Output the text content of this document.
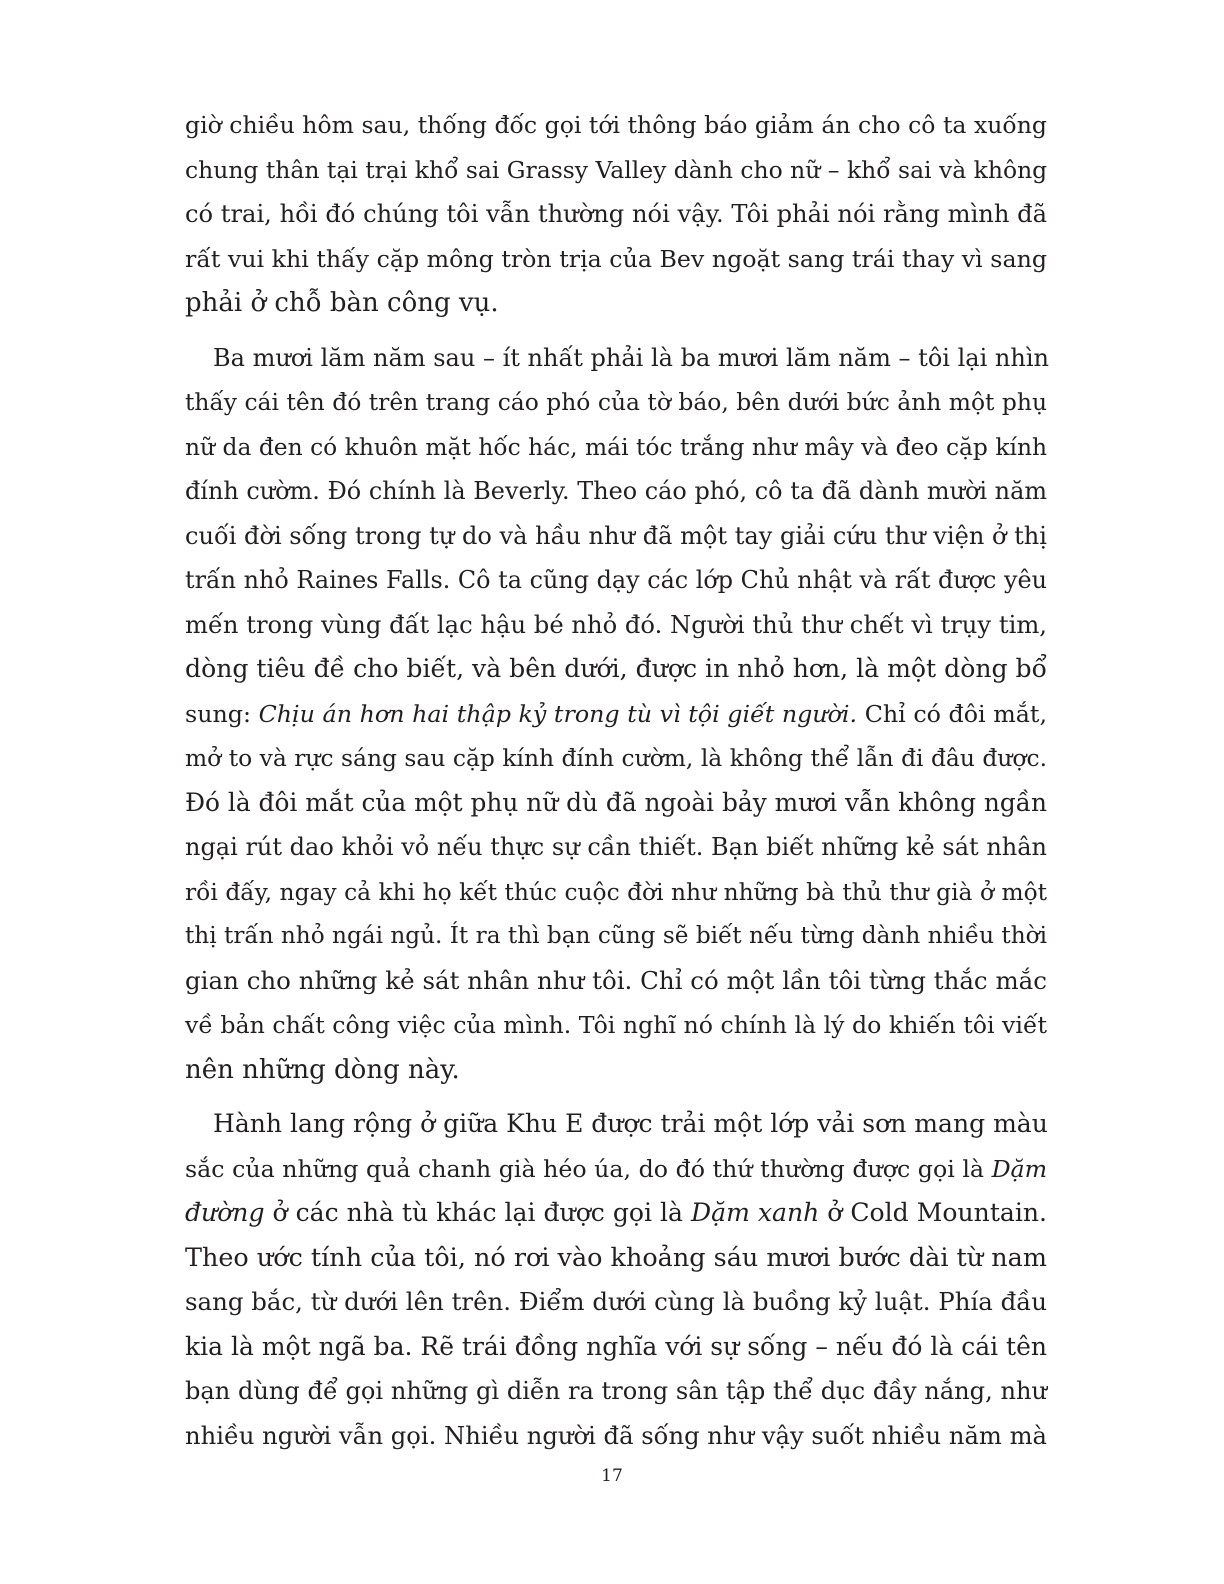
giờ chiều hôm sau, thống đốc gọi tới thông báo giảm án cho cô ta xuống
chung thân tại trại khổ sai Grassy Valley dành cho nữ – khổ sai và không
có trai, hồi đó chúng tôi vẫn thường nói vậy. Tôi phải nói rằng mình đã
rất vui khi thấy cặp mông tròn trịa của Bev ngoặt sang trái thay vì sang
phải ở chỗ bàn công vụ.
Ba mươi lăm năm sau – ít nhất phải là ba mươi lăm năm – tôi lại nhìn
thấy cái tên đó trên trang cáo phó của tờ báo, bên dưới bức ảnh một phụ
nữ da đen có khuôn mặt hốc hác, mái tóc trắng như mây và đeo cặp kính
đính cườm. Đó chính là Beverly. Theo cáo phó, cô ta đã dành mười năm
cuối đời sống trong tự do và hầu như đã một tay giải cứu thư viện ở thị
trấn nhỏ Raines Falls. Cô ta cũng dạy các lớp Chủ nhật và rất được yêu
mến trong vùng đất lạc hậu bé nhỏ đó. Người thủ thư chết vì trụy tim,
dòng tiêu đề cho biết, và bên dưới, được in nhỏ hơn, là một dòng bổ
sung: Chịu án hơn hai thập kỷ trong tù vì tội giết người. Chỉ có đôi mắt,
mở to và rực sáng sau cặp kính đính cườm, là không thể lẫn đi đâu được.
Đó là đôi mắt của một phụ nữ dù đã ngoài bảy mươi vẫn không ngần
ngại rút dao khỏi vỏ nếu thực sự cần thiết. Bạn biết những kẻ sát nhân
rồi đấy, ngay cả khi họ kết thúc cuộc đời như những bà thủ thư già ở một
thị trấn nhỏ ngái ngủ. Ít ra thì bạn cũng sẽ biết nếu từng dành nhiều thời
gian cho những kẻ sát nhân như tôi. Chỉ có một lần tôi từng thắc mắc
về bản chất công việc của mình. Tôi nghĩ nó chính là lý do khiến tôi viết
nên những dòng này.
Hành lang rộng ở giữa Khu E được trải một lớp vải sơn mang màu
sắc của những quả chanh già héo úa, do đó thứ thường được gọi là Dặm
đường ở các nhà tù khác lại được gọi là Dặm xanh ở Cold Mountain.
Theo ước tính của tôi, nó rơi vào khoảng sáu mươi bước dài từ nam
sang bắc, từ dưới lên trên. Điểm dưới cùng là buồng kỷ luật. Phía đầu
kia là một ngã ba. Rẽ trái đồng nghĩa với sự sống – nếu đó là cái tên
bạn dùng để gọi những gì diễn ra trong sân tập thể dục đầy nắng, như
nhiều người vẫn gọi. Nhiều người đã sống như vậy suốt nhiều năm mà
17
